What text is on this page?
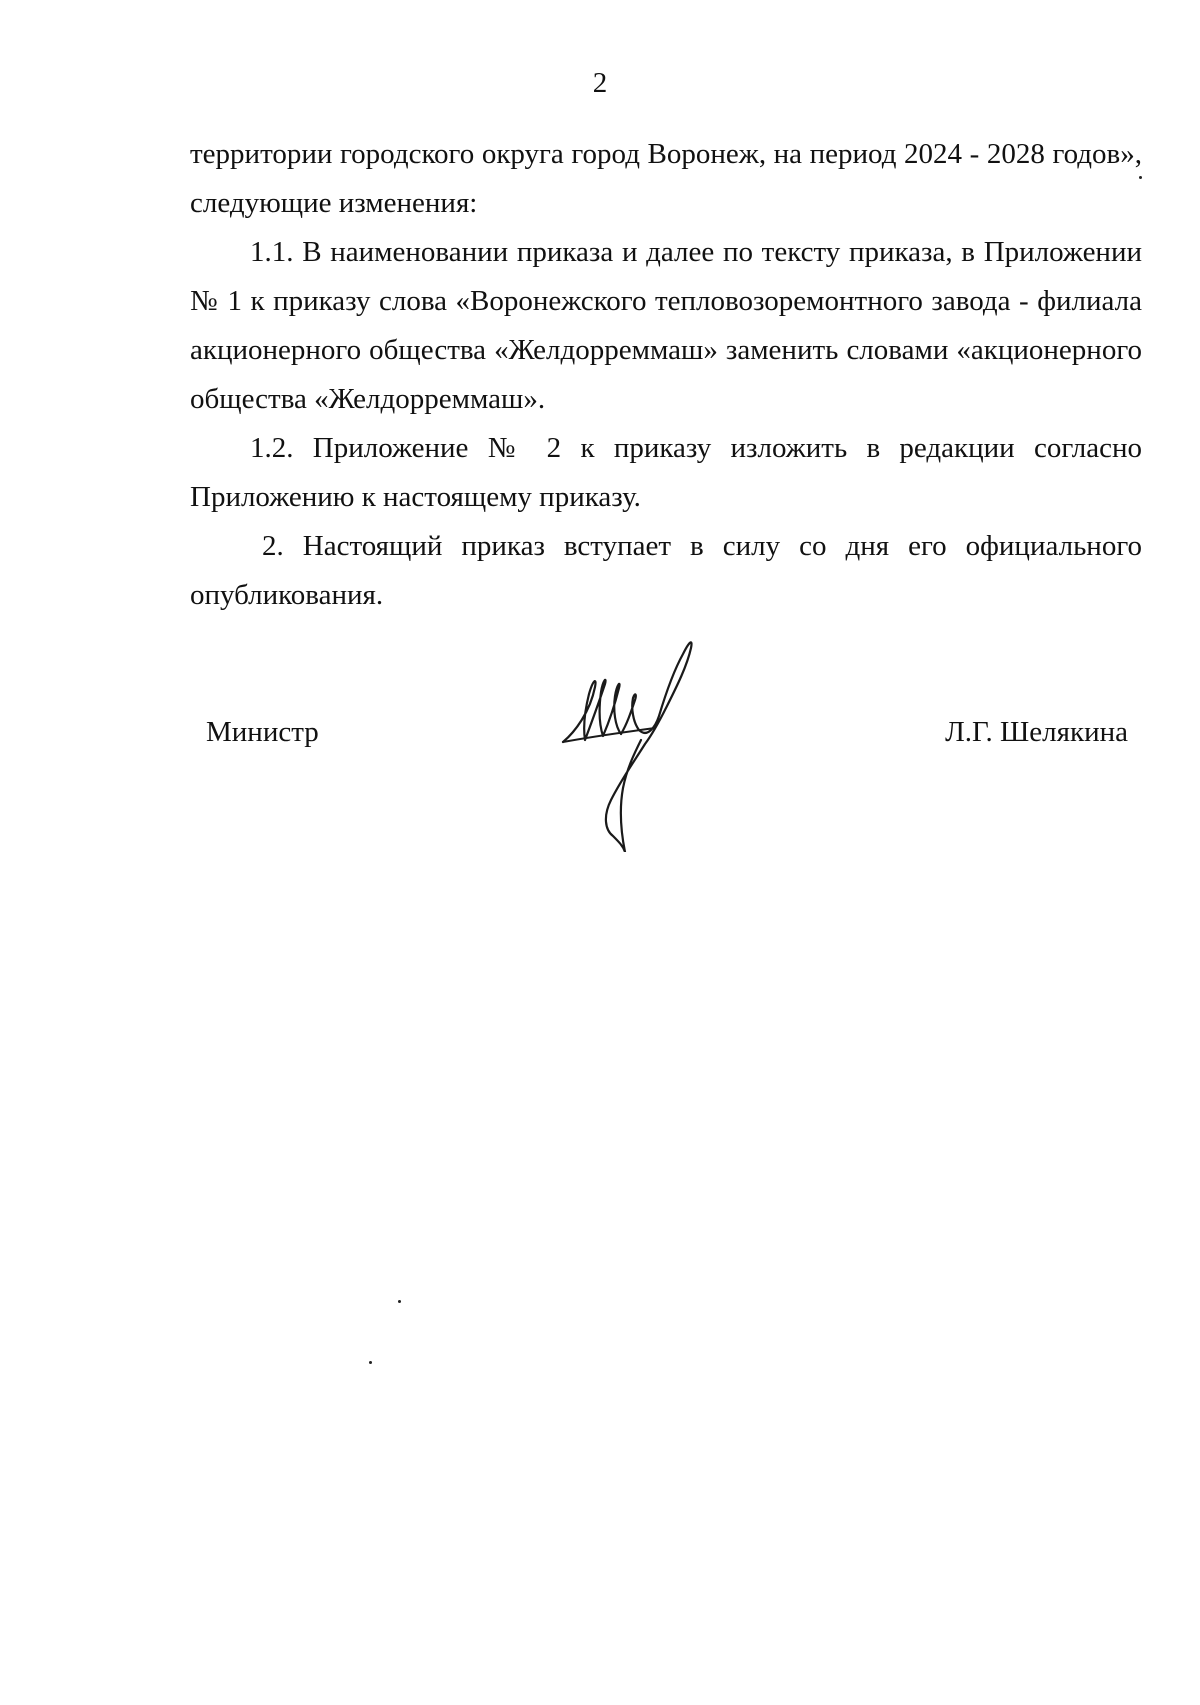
2
территории городского округа город Воронеж, на период 2024 - 2028 годов»,
следующие изменения:
1.1. В наименовании приказа и далее по тексту приказа, в Приложении
№ 1 к приказу слова «Воронежского тепловозоремонтного завода - филиала
акционерного общества «Желдорреммаш» заменить словами «акционерного
общества «Желдорреммаш».
1.2. Приложение № 2 к приказу изложить в редакции согласно
Приложению к настоящему приказу.
2. Настоящий приказ вступает в силу со дня его официального
опубликования.
Министр	Л.Г. Шелякина
